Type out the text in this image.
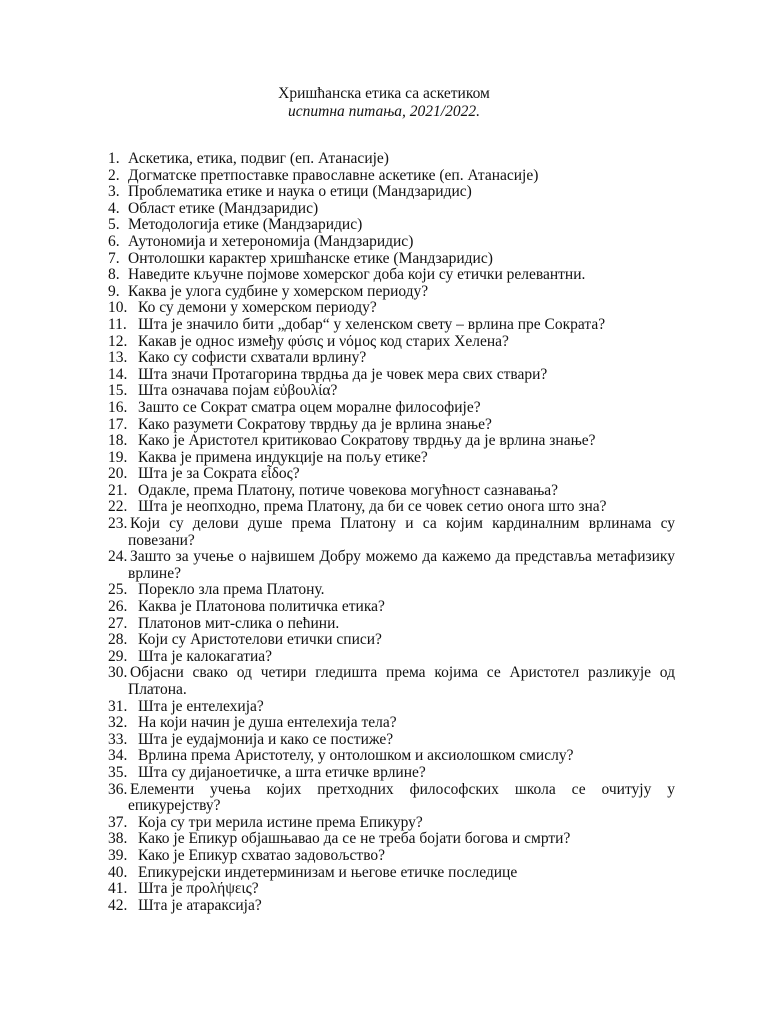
Хришћанска етика са аскетиком
испитна питања, 2021/2022.
1. Аскетика, етика, подвиг (еп. Атанасије)
2. Догматске претпоставке православне аскетике (еп. Атанасије)
3. Проблематика етике и наука о етици (Мандзаридис)
4. Област етике (Мандзаридис)
5. Методологија етике (Мандзаридис)
6. Аутономија и хетерономија (Мандзаридис)
7. Онтолошки карактер хришћанске етике (Мандзаридис)
8. Наведите кључне појмове хомерског доба који су етички релевантни.
9. Каква је улога судбине у хомерском периоду?
10. Ко су демони у хомерском периоду?
11. Шта је значило бити „добар“ у хеленском свету – врлина пре Сократа?
12. Какав је однос између φύσις и νόμος код старих Хелена?
13. Како су софисти схватали врлину?
14. Шта значи Протагорина тврдња да је човек мера свих ствари?
15. Шта означава појам εὐβουλία?
16. Зашто се Сократ сматра оцем моралне философије?
17. Како разумети Сократову тврдњу да је врлина знање?
18. Како је Аристотел критиковао Сократову тврдњу да је врлина знање?
19. Каква је примена индукције на пољу етике?
20. Шта је за Сократа εἶδος?
21. Одакле, према Платону, потиче човекова могућност сазнавања?
22. Шта је неопходно, према Платону, да би се човек сетио онога што зна?
23. Који су делови душе према Платону и са којим кардиналним врлинама су
повезани?
24. Зашто за учење о највишем Добру можемо да кажемо да представља метафизику
врлине?
25. Порекло зла према Платону.
26. Каква је Платонова политичка етика?
27. Платонов мит-слика о пећини.
28. Који су Аристотелови етички списи?
29. Шта је калокагатиа?
30. Објасни свако од четири гледишта према којима се Аристотел разликује од
Платона.
31. Шта је ентелехија?
32. На који начин је душа ентелехија тела?
33. Шта је еудајмонија и како се постиже?
34. Врлина према Аристотелу, у онтолошком и аксиолошком смислу?
35. Шта су дијаноетичке, а шта етичке врлине?
36. Елементи учења којих претходних философских школа се очитују у
епикурејству?
37. Која су три мерила истине према Епикуру?
38. Како је Епикур објашњавао да се не треба бојати богова и смрти?
39. Како је Епикур схватао задовољство?
40. Епикурејски индетерминизам и његове етичке последице
41. Шта је προλήψεις?
42. Шта је атараксија?
